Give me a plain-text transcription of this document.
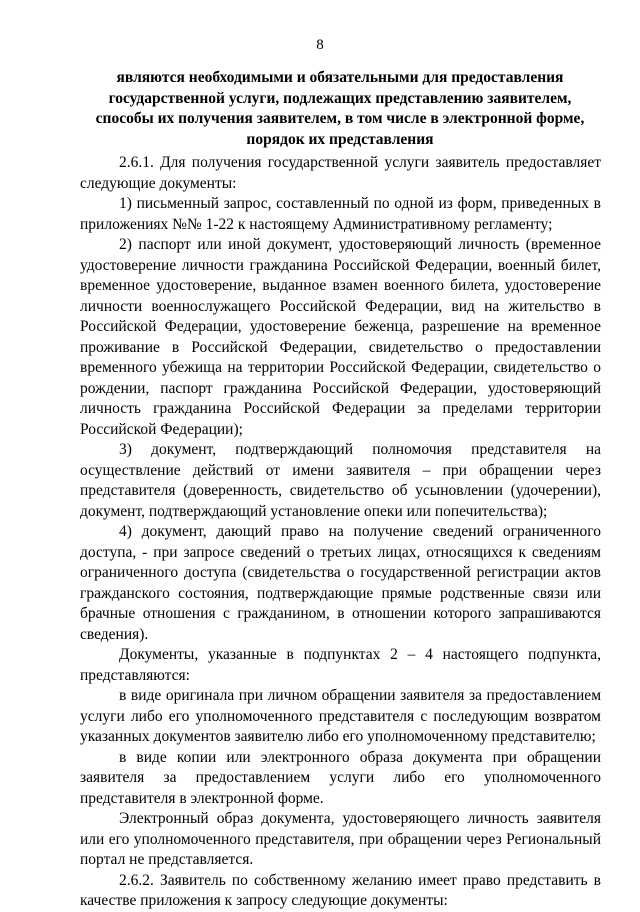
8
являются необходимыми и обязательными для предоставления государственной услуги, подлежащих представлению заявителем, способы их получения заявителем, в том числе в электронной форме, порядок их представления

2.6.1. Для получения государственной услуги заявитель предоставляет следующие документы:

1) письменный запрос, составленный по одной из форм, приведенных в приложениях №№ 1-22 к настоящему Административному регламенту;

2) паспорт или иной документ, удостоверяющий личность (временное удостоверение личности гражданина Российской Федерации, военный билет, временное удостоверение, выданное взамен военного билета, удостоверение личности военнослужащего Российской Федерации, вид на жительство в Российской Федерации, удостоверение беженца, разрешение на временное проживание в Российской Федерации, свидетельство о предоставлении временного убежища на территории Российской Федерации, свидетельство о рождении, паспорт гражданина Российской Федерации, удостоверяющий личность гражданина Российской Федерации за пределами территории Российской Федерации);

3) документ, подтверждающий полномочия представителя на осуществление действий от имени заявителя – при обращении через представителя (доверенность, свидетельство об усыновлении (удочерении), документ, подтверждающий установление опеки или попечительства);

4) документ, дающий право на получение сведений ограниченного доступа, - при запросе сведений о третьих лицах, относящихся к сведениям ограниченного доступа (свидетельства о государственной регистрации актов гражданского состояния, подтверждающие прямые родственные связи или брачные отношения с гражданином, в отношении которого запрашиваются сведения).

Документы, указанные в подпунктах 2 – 4 настоящего подпункта, представляются:

в виде оригинала при личном обращении заявителя за предоставлением услуги либо его уполномоченного представителя с последующим возвратом указанных документов заявителю либо его уполномоченному представителю;

в виде копии или электронного образа документа при обращении заявителя за предоставлением услуги либо его уполномоченного представителя в электронной форме.

Электронный образ документа, удостоверяющего личность заявителя или его уполномоченного представителя, при обращении через Региональный портал не представляется.

2.6.2. Заявитель по собственному желанию имеет право представить в качестве приложения к запросу следующие документы:
